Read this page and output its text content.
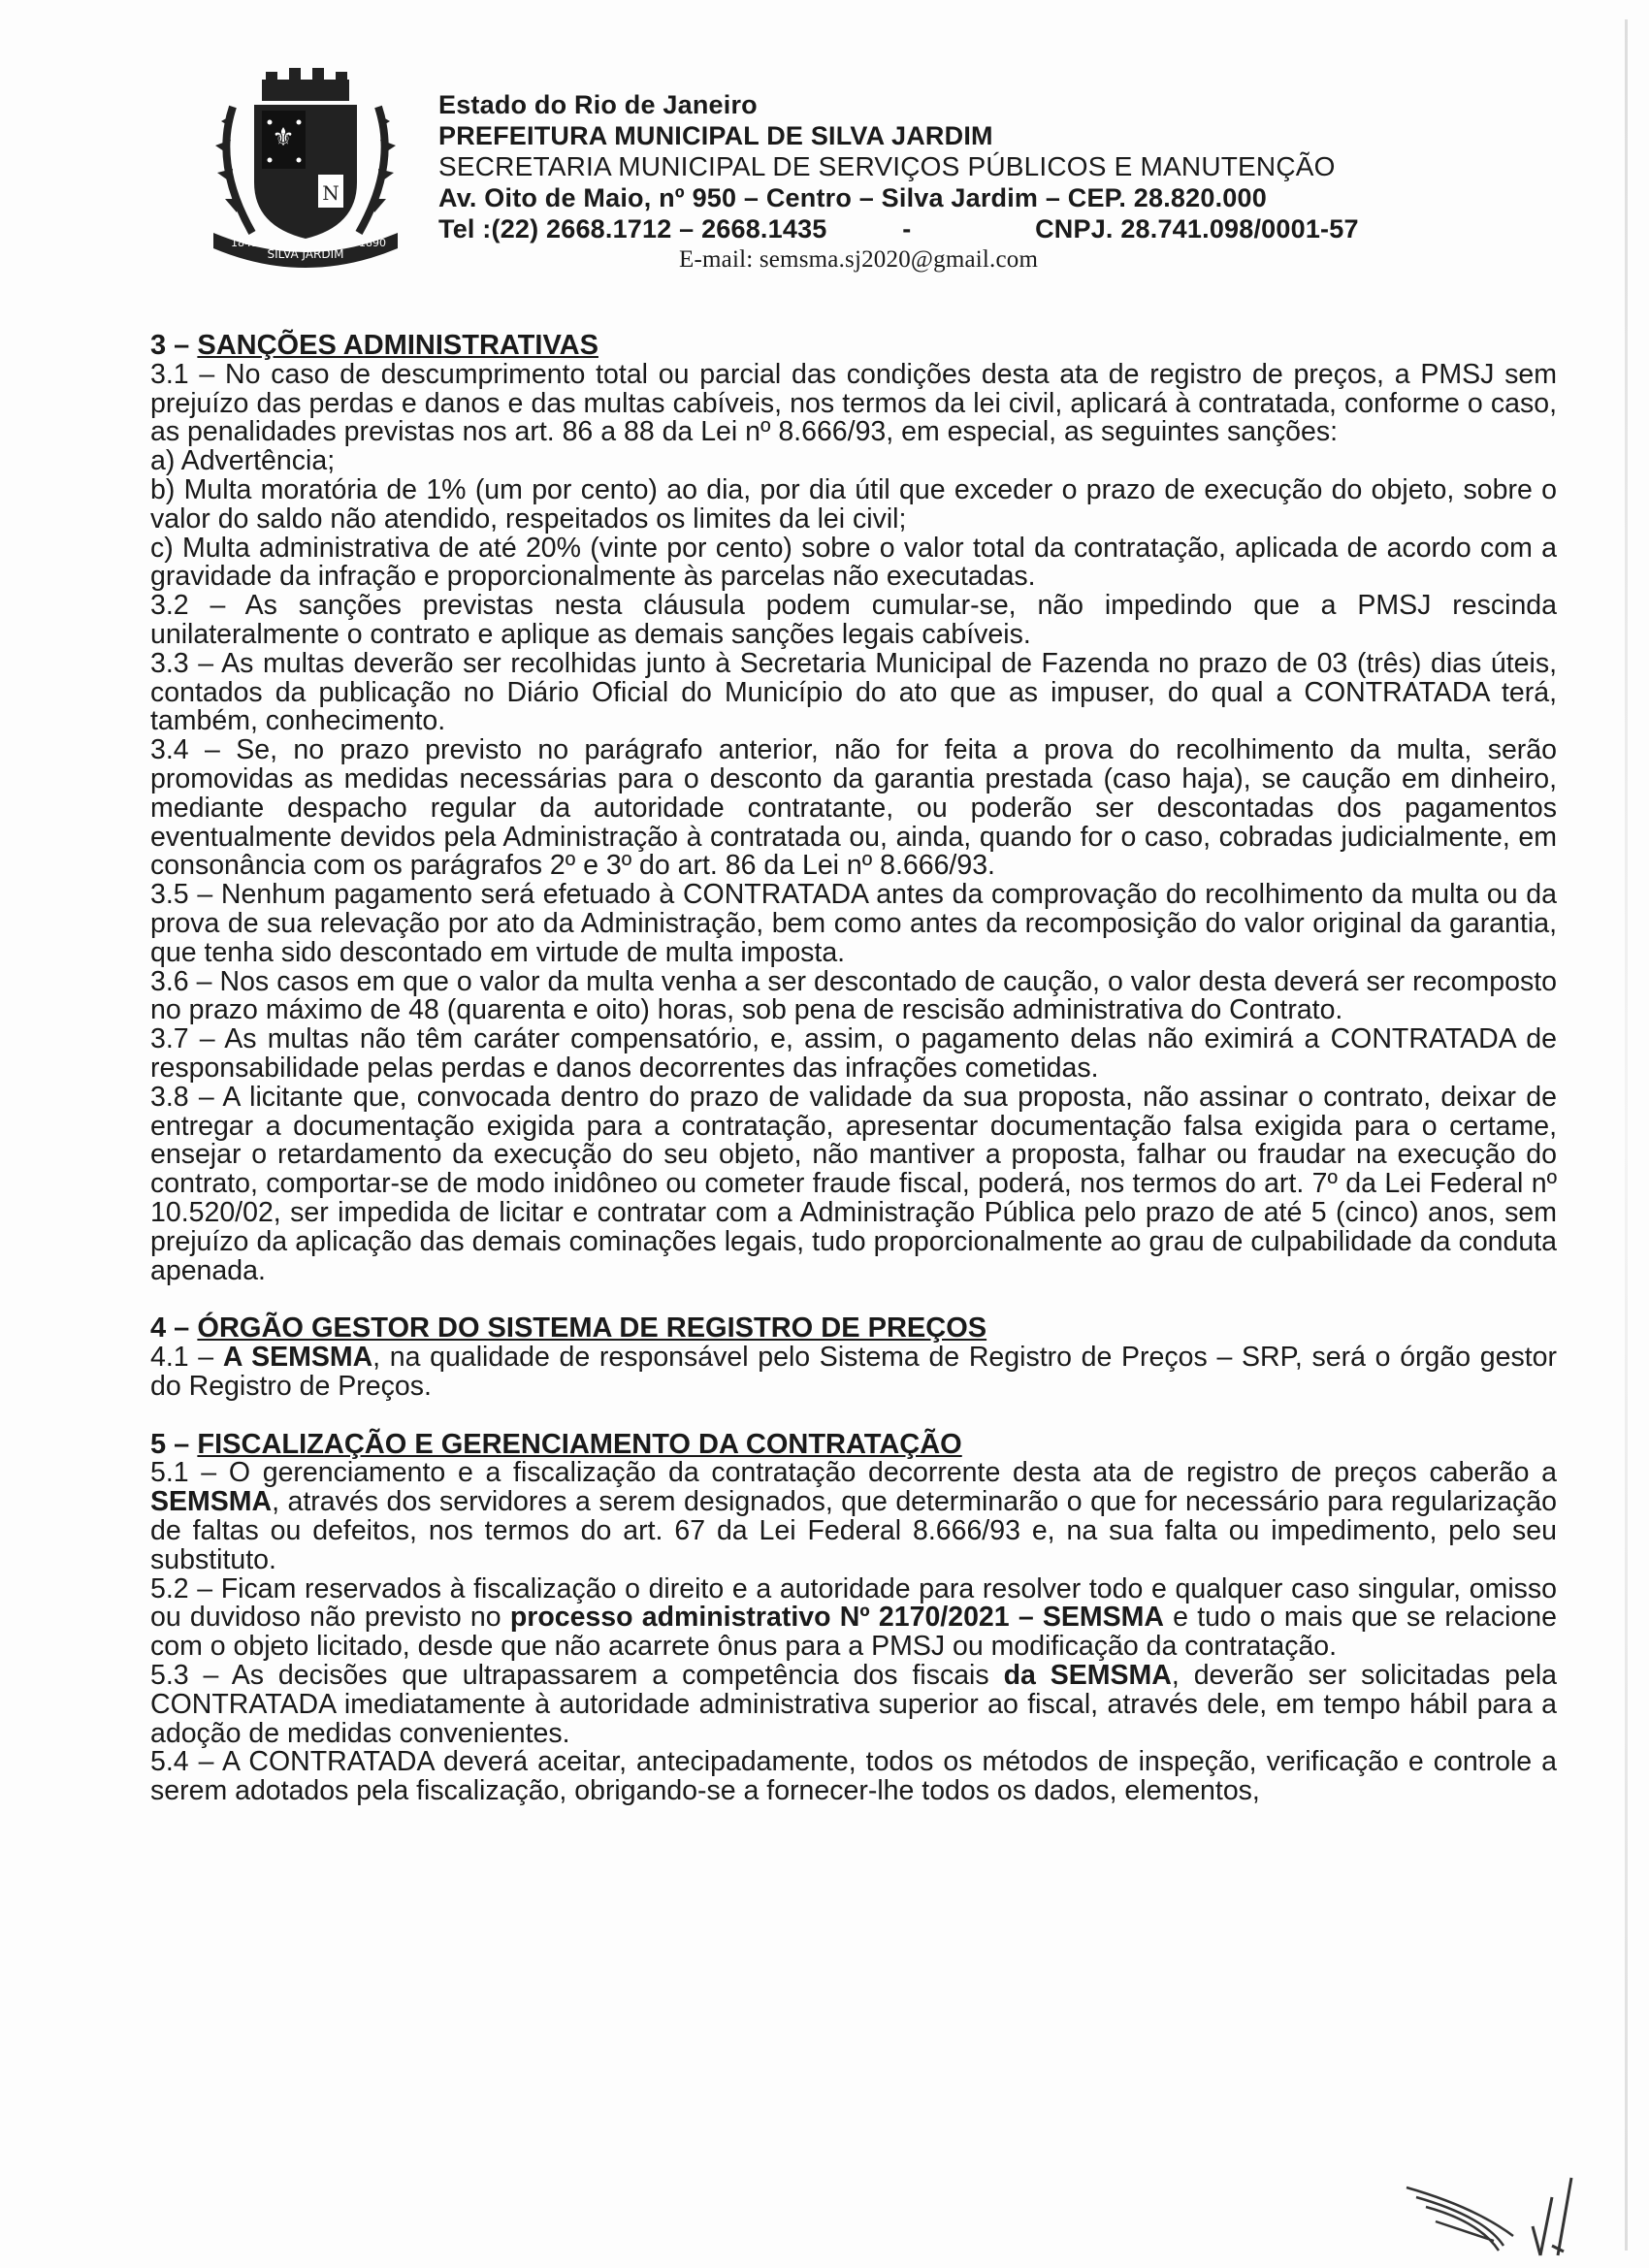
⚜
N
1841
SILVA JARDIM
1890
Estado do Rio de Janeiro
PREFEITURA MUNICIPAL DE SILVA JARDIM
SECRETARIA MUNICIPAL DE SERVIÇOS PÚBLICOS E MANUTENÇÃO
Av. Oito de Maio, nº 950 – Centro – Silva Jardim – CEP. 28.820.000
Tel :(22) 2668.1712 – 2668.1435	-	CNPJ. 28.741.098/0001-57
E-mail: semsma.sj2020@gmail.com
3 – SANÇÕES ADMINISTRATIVAS

3.1 – No caso de descumprimento total ou parcial das condições desta ata de registro de preços, a PMSJ sem prejuízo das perdas e danos e das multas cabíveis, nos termos da lei civil, aplicará à contratada, conforme o caso, as penalidades previstas nos art. 86 a 88 da Lei nº 8.666/93, em especial, as seguintes sanções:

a) Advertência;

b) Multa moratória de 1% (um por cento) ao dia, por dia útil que exceder o prazo de execução do objeto, sobre o valor do saldo não atendido, respeitados os limites da lei civil;

c) Multa administrativa de até 20% (vinte por cento) sobre o valor total da contratação, aplicada de acordo com a gravidade da infração e proporcionalmente às parcelas não executadas.

3.2 – As sanções previstas nesta cláusula podem cumular-se, não impedindo que a PMSJ rescinda unilateralmente o contrato e aplique as demais sanções legais cabíveis.

3.3 – As multas deverão ser recolhidas junto à Secretaria Municipal de Fazenda no prazo de 03 (três) dias úteis, contados da publicação no Diário Oficial do Município do ato que as impuser, do qual a CONTRATADA terá, também, conhecimento.

3.4 – Se, no prazo previsto no parágrafo anterior, não for feita a prova do recolhimento da multa, serão promovidas as medidas necessárias para o desconto da garantia prestada (caso haja), se caução em dinheiro, mediante despacho regular da autoridade contratante, ou poderão ser descontadas dos pagamentos eventualmente devidos pela Administração à contratada ou, ainda, quando for o caso, cobradas judicialmente, em consonância com os parágrafos 2º e 3º do art. 86 da Lei nº 8.666/93.

3.5 – Nenhum pagamento será efetuado à CONTRATADA antes da comprovação do recolhimento da multa ou da prova de sua relevação por ato da Administração, bem como antes da recomposição do valor original da garantia, que tenha sido descontado em virtude de multa imposta.

3.6 – Nos casos em que o valor da multa venha a ser descontado de caução, o valor desta deverá ser recomposto no prazo máximo de 48 (quarenta e oito) horas, sob pena de rescisão administrativa do Contrato.

3.7 – As multas não têm caráter compensatório, e, assim, o pagamento delas não eximirá a CONTRATADA de responsabilidade pelas perdas e danos decorrentes das infrações cometidas.

3.8 – A licitante que, convocada dentro do prazo de validade da sua proposta, não assinar o contrato, deixar de entregar a documentação exigida para a contratação, apresentar documentação falsa exigida para o certame, ensejar o retardamento da execução do seu objeto, não mantiver a proposta, falhar ou fraudar na execução do contrato, comportar-se de modo inidôneo ou cometer fraude fiscal, poderá, nos termos do art. 7º da Lei Federal nº 10.520/02, ser impedida de licitar e contratar com a Administração Pública pelo prazo de até 5 (cinco) anos, sem prejuízo da aplicação das demais cominações legais, tudo proporcionalmente ao grau de culpabilidade da conduta apenada.

4 – ÓRGÃO GESTOR DO SISTEMA DE REGISTRO DE PREÇOS

4.1 – A SEMSMA, na qualidade de responsável pelo Sistema de Registro de Preços – SRP, será o órgão gestor do Registro de Preços.

5 – FISCALIZAÇÃO E GERENCIAMENTO DA CONTRATAÇÃO

5.1 – O gerenciamento e a fiscalização da contratação decorrente desta ata de registro de preços caberão a SEMSMA, através dos servidores a serem designados, que determinarão o que for necessário para regularização de faltas ou defeitos, nos termos do art. 67 da Lei Federal 8.666/93 e, na sua falta ou impedimento, pelo seu substituto.

5.2 – Ficam reservados à fiscalização o direito e a autoridade para resolver todo e qualquer caso singular, omisso ou duvidoso não previsto no processo administrativo Nº 2170/2021 – SEMSMA e tudo o mais que se relacione com o objeto licitado, desde que não acarrete ônus para a PMSJ ou modificação da contratação.

5.3 – As decisões que ultrapassarem a competência dos fiscais da SEMSMA, deverão ser solicitadas pela CONTRATADA imediatamente à autoridade administrativa superior ao fiscal, através dele, em tempo hábil para a adoção de medidas convenientes.

5.4 – A CONTRATADA deverá aceitar, antecipadamente, todos os métodos de inspeção, verificação e controle a serem adotados pela fiscalização, obrigando-se a fornecer-lhe todos os dados, elementos,
